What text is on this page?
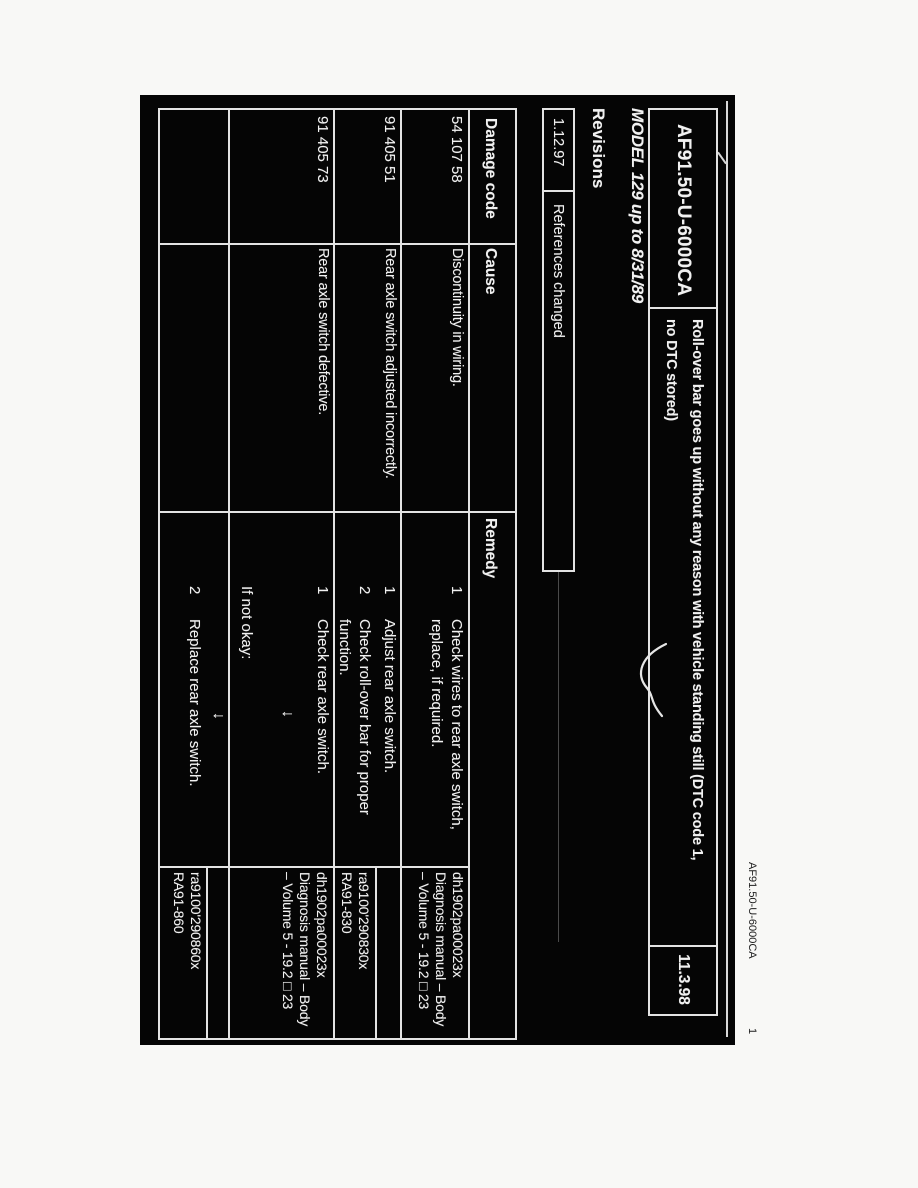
AF91.50-U-6000CA
1
AF91.50-U-6000CA
Roll-over bar goes up without any reason with vehicle standing still (DTC code 1,
no DTC stored)
11.3.98
MODEL 129 up to 8/31/89
Revisions
1.12.97
References changed
Damage code
Cause
Remedy
54 107 58
Discontinuity in wiring.
1
Check wires to rear axle switch,
replace, if required.
dh1902pa00023x
Diagnosis manual – Body
– Volume 5 - 19.2 □ 23
91 405 51
Rear axle switch adjusted incorrectly.
1
Adjust rear axle switch.
2
Check roll-over bar for proper
function.
ra9100'290830x
RA91-830
91 405 73
Rear axle switch defective.
1
Check rear axle switch.
dh1902pa00023x
Diagnosis manual – Body
– Volume 5 - 19.2 □ 23
↓
If not okay:
↓
2
Replace rear axle switch.
ra9100'290860x
RA91-860
